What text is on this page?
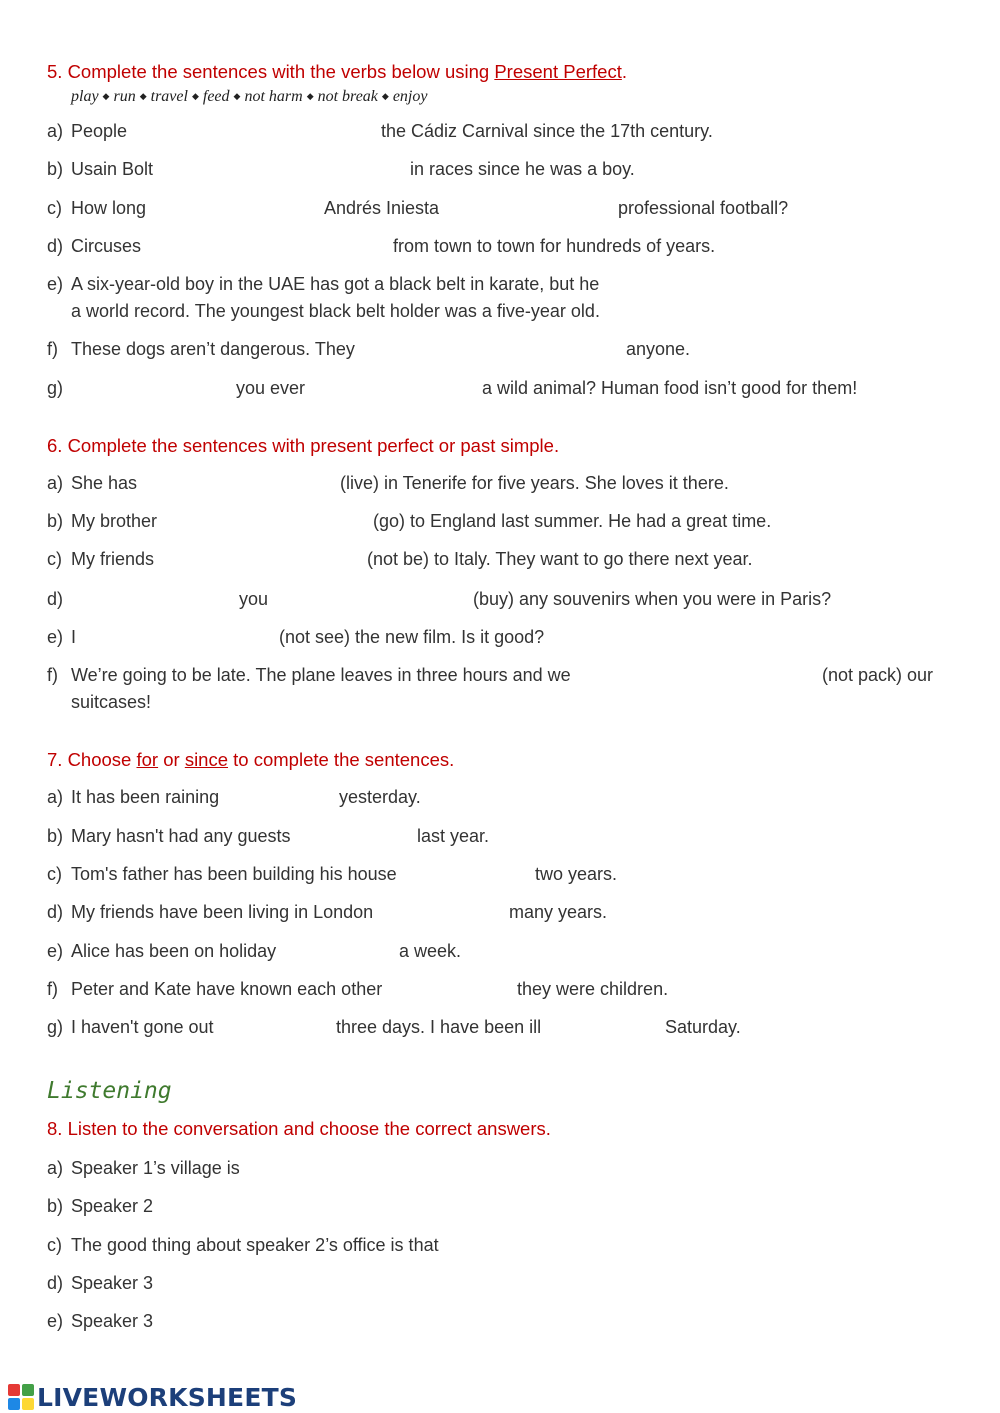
5. Complete the sentences with the verbs below using Present Perfect.
play ◆ run ◆ travel ◆ feed ◆ not harm ◆ not break ◆ enjoy
a) People	the Cádiz Carnival since the 17th century.
b) Usain Bolt	in races since he was a boy.
c) How long	Andrés Iniesta	professional football?
d) Circuses	from town to town for hundreds of years.
e) A six-year-old boy in the UAE has got a black belt in karate, but he
a world record. The youngest black belt holder was a five-year old.
f) These dogs aren’t dangerous. They	anyone.
g)	you ever	a wild animal? Human food isn’t good for them!
6. Complete the sentences with present perfect or past simple.
a) She has	(live) in Tenerife for five years. She loves it there.
b) My brother	(go) to England last summer. He had a great time.
c) My friends	(not be) to Italy. They want to go there next year.
d)	you	(buy) any souvenirs when you were in Paris?
e) I	(not see) the new film. Is it good?
f) We’re going to be late. The plane leaves in three hours and we	(not pack) our
suitcases!
7. Choose for or since to complete the sentences.
a) It has been raining	yesterday.
b) Mary hasn't had any guests	last year.
c) Tom's father has been building his house	two years.
d) My friends have been living in London	many years.
e) Alice has been on holiday	a week.
f) Peter and Kate have known each other	they were children.
g) I haven't gone out	three days. I have been ill	Saturday.
Listening
8. Listen to the conversation and choose the correct answers.
a) Speaker 1’s village is
b) Speaker 2
c) The good thing about speaker 2’s office is that
d) Speaker 3
e) Speaker 3
LIVEWORKSHEETS
